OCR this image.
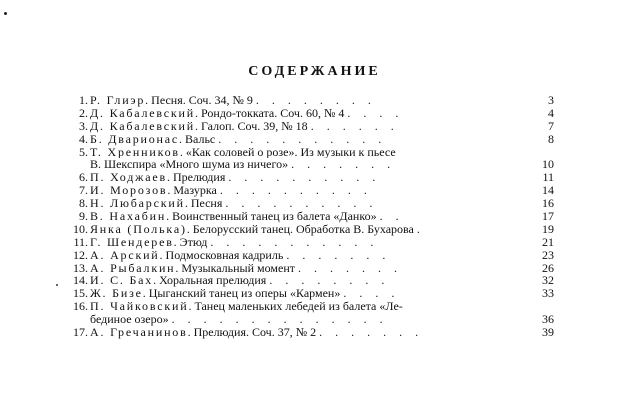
СОДЕРЖАНИЕ
1. Р. Глиэр. Песня. Соч. 34, № 9 . . . . . . . .	3
2. Д. Кабалевский. Рондо-токката. Соч. 60, № 4 . . . .	4
3. Д. Кабалевский. Галоп. Соч. 39, № 18 . . . . . .	7
4. Б. Дварионас. Вальс . . . . . . . . . . .	8
5. Т. Хренников. «Как соловей о розе». Из музыки к пьесе
В. Шекспира «Много шума из ничего» . . . . . . .	10
6. П. Ходжаев. Прелюдия . . . . . . . . . .	11
7. И. Морозов. Мазурка . . . . . . . . . .	14
8. Н. Любарский. Песня . . . . . . . . . .	16
9. В. Нахабин. Воинственный танец из балета «Данко» . .	17
10. Янка (Полька). Белорусский танец. Обработка В. Бухарова .	19
11. Г. Шендерев. Этюд . . . . . . . . . . .	21
12. А. Арский. Подмосковная кадриль . . . . . . .	23
13. А. Рыбалкин. Музыкальный момент . . . . . . .	26
14. И. С. Бах. Хоральная прелюдия . . . . . . . .	32
15. Ж. Бизе. Цыганский танец из оперы «Кармен» . . . .	33
16. П. Чайковский. Танец маленьких лебедей из балета «Ле-
бединое озеро» . . . . . . . . . . . . . .	36
17. А. Гречанинов. Прелюдия. Соч. 37, № 2 . . . . . . .	39
